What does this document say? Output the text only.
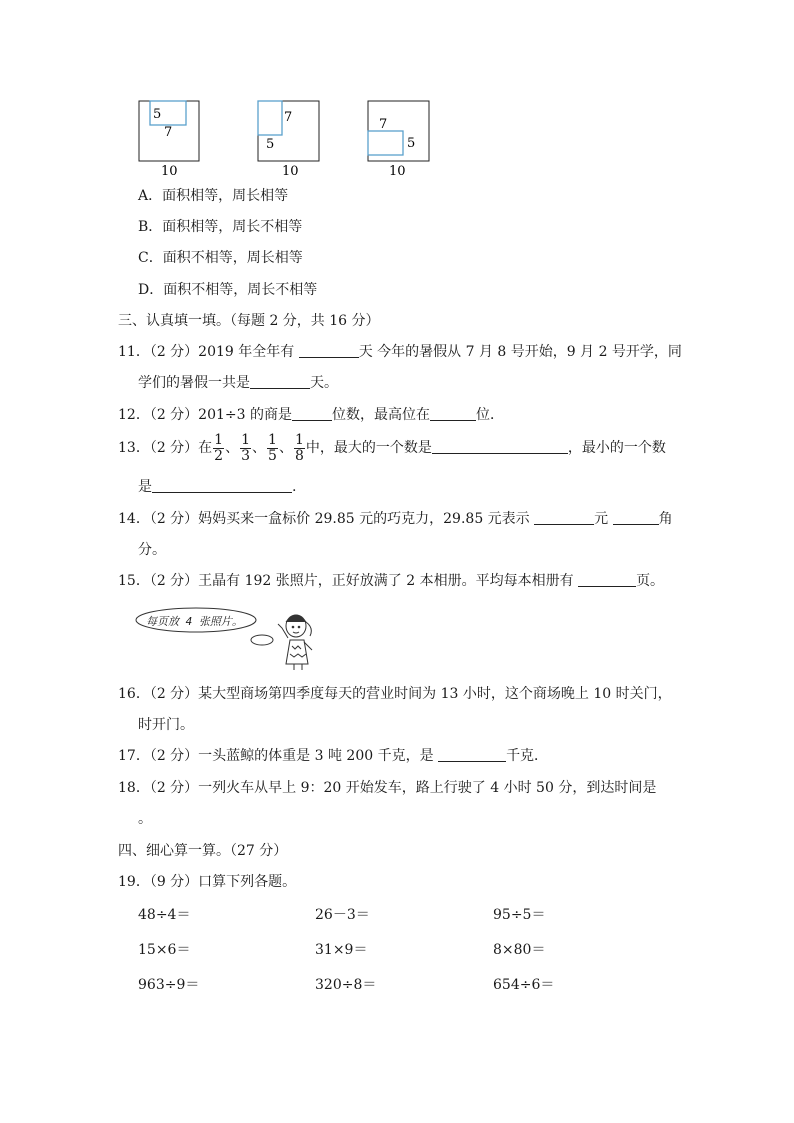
5
7
10
7
5
10
7
5
10
A．面积相等，周长相等
B．面积相等，周长不相等
C．面积不相等，周长相等
D．面积不相等，周长不相等
三、认真填一填。（每题 2 分，共 16 分）
11．（2 分）2019 年全年有	天 今年的暑假从 7 月 8 号开始，9 月 2 号开学，同
学们的暑假一共是	天。
12．（2 分）201÷3 的商是	位数，最高位在	位．
13．（2 分）在 $\frac{1}{2}$ 、 $\frac{1}{3}$ 、 $\frac{1}{5}$ 、 $\frac{1}{8}$ 中，最大的一个数是	，最小的一个数
是	.
14．（2 分）妈妈买来一盒标价 29.85 元的巧克力，29.85 元表示	元	角
分。
15．（2 分）王晶有 192 张照片，正好放满了 2 本相册。平均每本相册有	页。
每页放 4 张照片。
16．（2 分）某大型商场第四季度每天的营业时间为 13 小时，这个商场晚上 10 时关门，
时开门。
17．（2 分）一头蓝鲸的体重是 3 吨 200 千克，是	千克．
18．（2 分）一列火车从早上 9：20 开始发车，路上行驶了 4 小时 50 分，到达时间是
。
四、细心算一算。（27 分）
19．（9 分）口算下列各题。
48÷4＝	26－3＝	95÷5＝
15×6＝	31×9＝	8×80＝
963÷9＝	320÷8＝	654÷6＝
